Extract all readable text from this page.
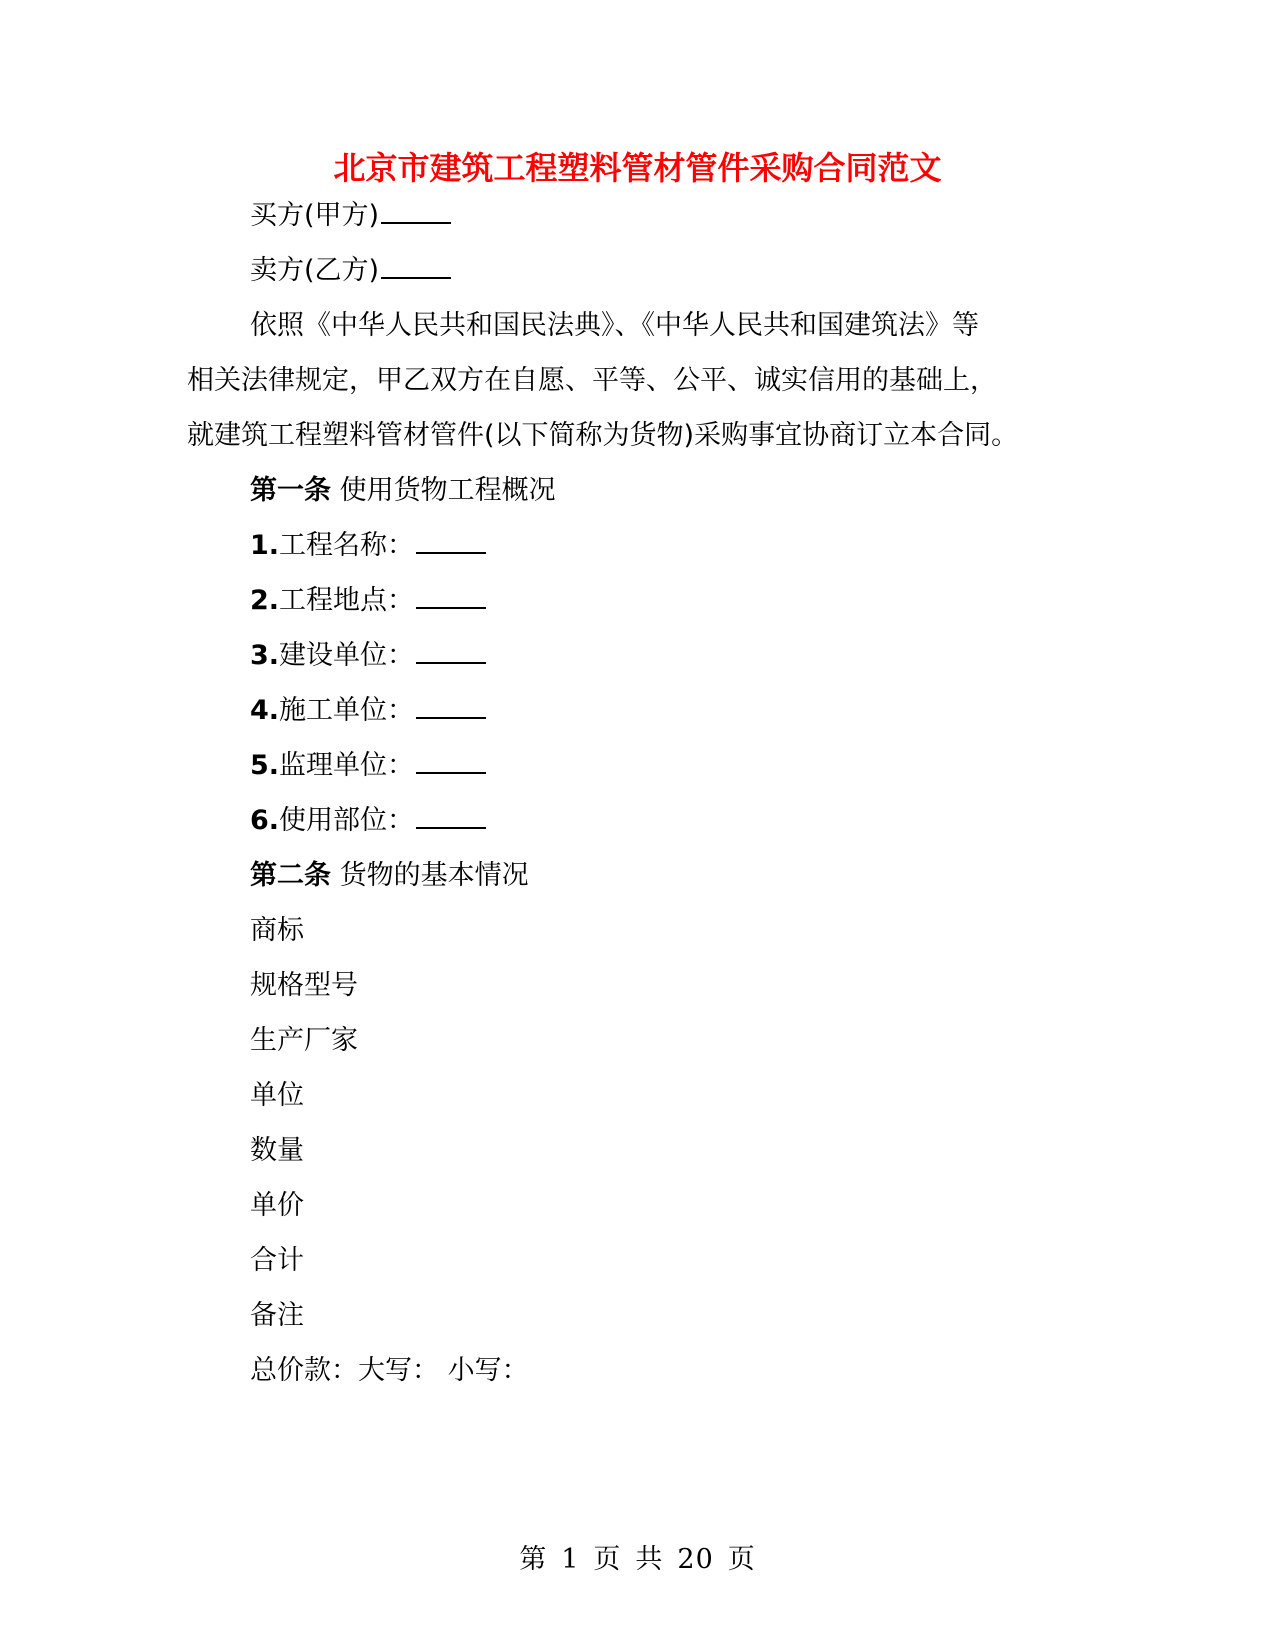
北京市建筑工程塑料管材管件采购合同范文
买方(甲方)
卖方(乙方)
依照《中华人民共和国民法典》、《中华人民共和国建筑法》等
相关法律规定，甲乙双方在自愿、平等、公平、诚实信用的基础上，
就建筑工程塑料管材管件(以下简称为货物)采购事宜协商订立本合同。
第一条 使用货物工程概况
1.工程名称：
2.工程地点：
3.建设单位：
4.施工单位：
5.监理单位：
6.使用部位：
第二条 货物的基本情况
商标
规格型号
生产厂家
单位
数量
单价
合计
备注
总价款：大写： 小写：
第 1 页 共 20 页
